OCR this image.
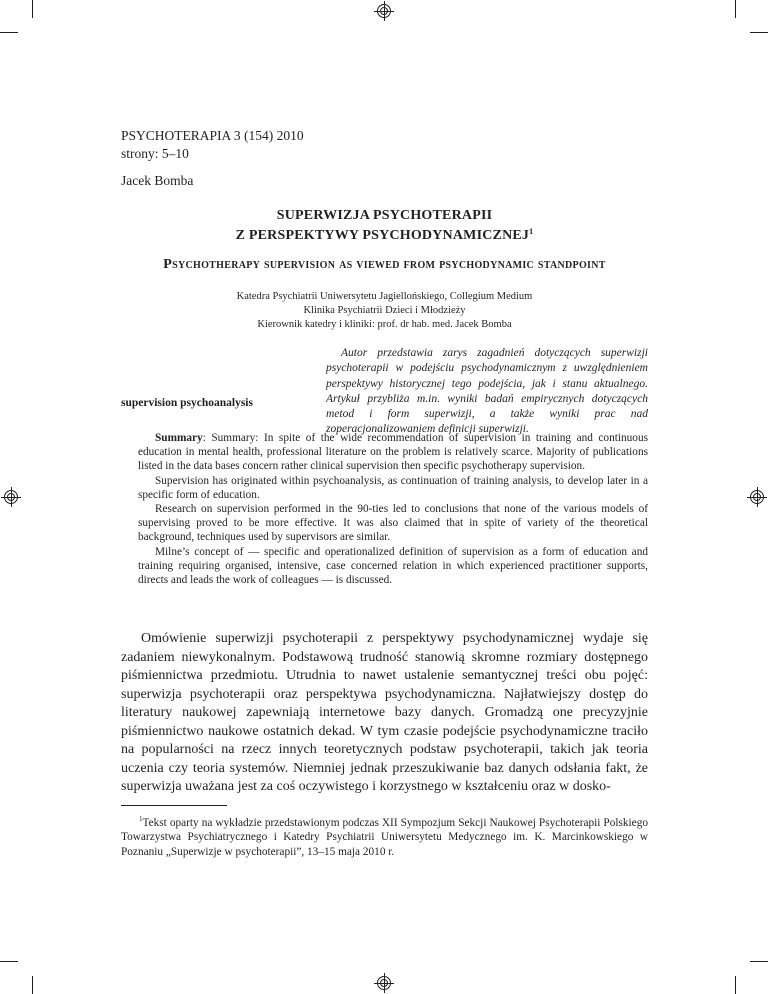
PSYCHOTERAPIA 3 (154) 2010
strony: 5–10
Jacek Bomba
SUPERWIZJA PSYCHOTERAPII
Z PERSPEKTYWY PSYCHODYNAMICZNEJ$^1$
Psychotherapy supervision as viewed from psychodynamic standpoint
Katedra Psychiatrii Uniwersytetu Jagiellońskiego, Collegium Medium
Klinika Psychiatrii Dzieci i Młodzieży
Kierownik katedry i kliniki: prof. dr hab. med. Jacek Bomba
supervision psychoanalysis
Autor przedstawia zarys zagadnień dotyczących superwizji psychoterapii w podejściu psychodynamicznym z uwzględnieniem perspektywy historycznej tego podejścia, jak i stanu aktualnego. Artykuł przybliża m.in. wyniki badań empirycznych dotyczących metod i form superwizji, a także wyniki prac nad zoperacjonalizowaniem definicji superwizji.

Summary: Summary: In spite of the wide recommendation of supervision in training and continuous education in mental health, professional literature on the problem is relatively scarce. Majority of publications listed in the data bases concern rather clinical supervision then specific psychotherapy supervision.

Supervision has originated within psychoanalysis, as continuation of training analysis, to develop later in a specific form of education.

Research on supervision performed in the 90-ties led to conclusions that none of the various models of supervising proved to be more effective. It was also claimed that in spite of variety of the theoretical background, techniques used by supervisors are similar.

Milne’s concept of — specific and operationalized definition of supervision as a form of education and training requiring organised, intensive, case concerned relation in which experienced practitioner supports, directs and leads the work of colleagues — is discussed.

Omówienie superwizji psychoterapii z perspektywy psychodynamicznej wydaje się zadaniem niewykonalnym. Podstawową trudność stanowią skromne rozmiary dostępnego piśmiennictwa przedmiotu. Utrudnia to nawet ustalenie semantycznej treści obu pojęć: superwizja psychoterapii oraz perspektywa psychodynamiczna. Najłatwiejszy dostęp do literatury naukowej zapewniają internetowe bazy danych. Gromadzą one precyzyjnie piśmiennictwo naukowe ostatnich dekad. W tym czasie podejście psychodynamiczne traciło na popularności na rzecz innych teoretycznych podstaw psychoterapii, takich jak teoria uczenia czy teoria systemów. Niemniej jednak przeszukiwanie baz danych odsłania fakt, że superwizja uważana jest za coś oczywistego i korzystnego w kształceniu oraz w dosko-

$^1$Tekst oparty na wykładzie przedstawionym podczas XII Sympozjum Sekcji Naukowej Psychoterapii Polskiego Towarzystwa Psychiatrycznego i Katedry Psychiatrii Uniwersytetu Medycznego im. K. Marcinkowskiego w Poznaniu „Superwizje w psychoterapii”, 13–15 maja 2010 r.
